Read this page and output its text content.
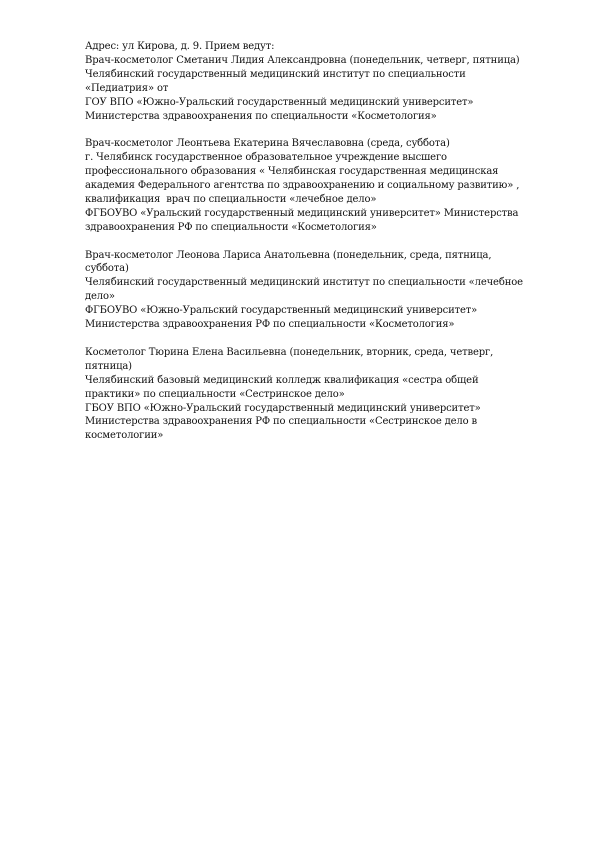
Адрес: ул Кирова, д. 9. Прием ведут:
Врач-косметолог Сметанич Лидия Александровна (понедельник, четверг, пятница)
Челябинский государственный медицинский институт по специальности
«Педиатрия» от
ГОУ ВПО «Южно-Уральский государственный медицинский университет»
Министерства здравоохранения по специальности «Косметология»
Врач-косметолог Леонтьева Екатерина Вячеславовна (среда, суббота)
г. Челябинск государственное образовательное учреждение высшего
профессионального образования « Челябинская государственная медицинская
академия Федерального агентства по здравоохранению и социальному развитию» ,
квалификация  врач по специальности «лечебное дело»
ФГБОУВО «Уральский государственный медицинский университет» Министерства
здравоохранения РФ по специальности «Косметология»
Врач-косметолог Леонова Лариса Анатольевна (понедельник, среда, пятница,
суббота)
Челябинский государственный медицинский институт по специальности «лечебное
дело»
ФГБОУВО «Южно-Уральский государственный медицинский университет»
Министерства здравоохранения РФ по специальности «Косметология»
Косметолог Тюрина Елена Васильевна (понедельник, вторник, среда, четверг,
пятница)
Челябинский базовый медицинский колледж квалификация «сестра общей
практики» по специальности «Сестринское дело»
ГБОУ ВПО «Южно-Уральский государственный медицинский университет»
Министерства здравоохранения РФ по специальности «Сестринское дело в
косметологии»
